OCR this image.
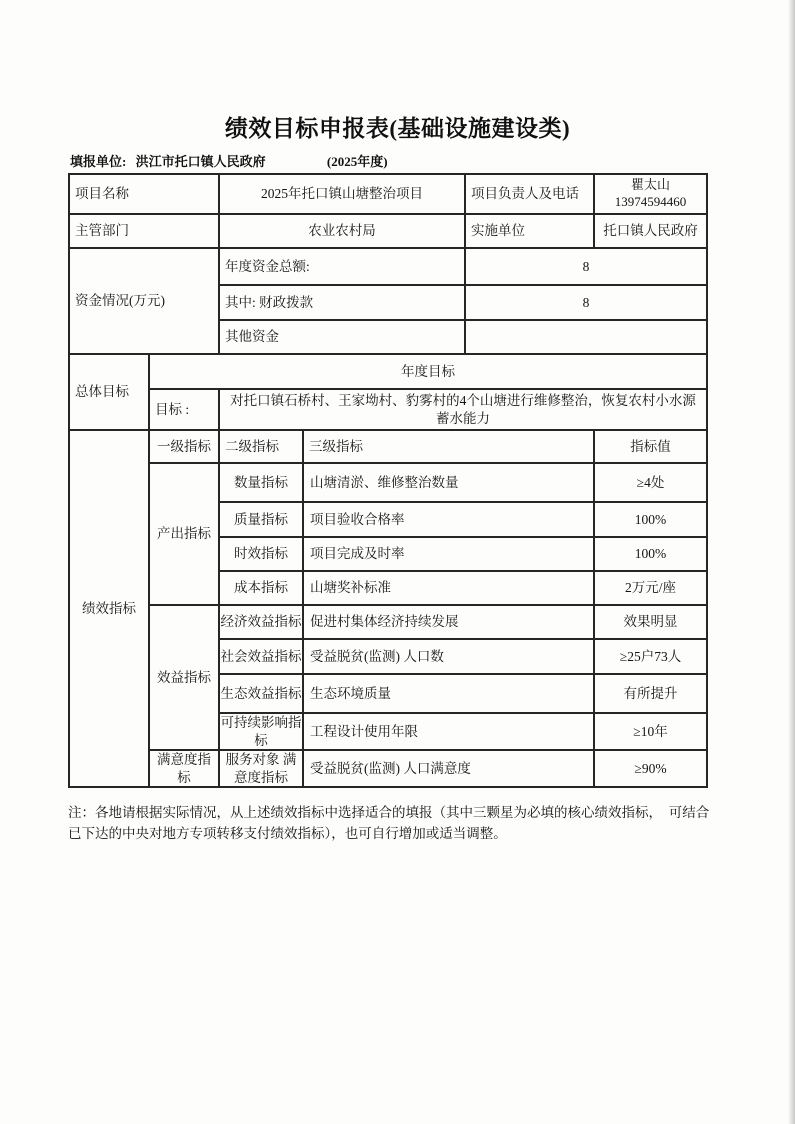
绩效目标申报表(基础设施建设类)
填报单位: 洪江市托口镇人民政府	(2025年度)
项目名称		2025年托口镇山塘整治项目		项目负责人及电话	瞿太山
13974594460

主管部门		农业农村局		实施单位	托口镇人民政府
资金情况(万元)		年度资金总额:		8	
		其中: 财政拨款		8	
		其他资金			
总体目标	年度目标				
	目标 :	对托口镇石桥村、王家坳村、豹雾村的4个山塘进行维修整治，恢复农村小水源蓄水能力			
绩效指标	一级指标	二级指标	三级指标		指标值
	产出指标	数量指标	山塘清淤、维修整治数量		≥4处
		质量指标	项目验收合格率		100%
		时效指标	项目完成及时率		100%
		成本指标	山塘奖补标准		2万元/座
	效益指标	经济效益指标	促进村集体经济持续发展		效果明显
		社会效益指标	受益脱贫(监测) 人口数		≥25户73人
		生态效益指标	生态环境质量		有所提升
		可持续影响指标	工程设计使用年限		≥10年
	满意度指标	服务对象 满意度指标	受益脱贫(监测) 人口满意度		≥90%
注：各地请根据实际情况，从上述绩效指标中选择适合的填报（其中三颗星为必填的核心绩效指标，  可结合
已下达的中央对地方专项转移支付绩效指标），也可自行增加或适当调整。
